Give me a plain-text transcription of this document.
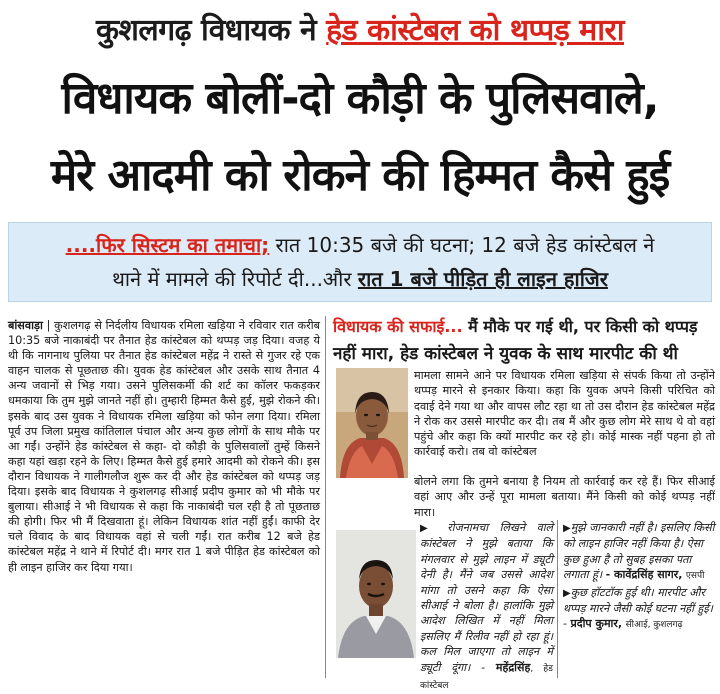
कुशलगढ़ विधायक ने हेड कांस्टेबल को थप्पड़ मारा
विधायक बोलीं-दो कौड़ी के पुलिसवाले,
मेरे आदमी को रोकने की हिम्मत कैसे हुई
....फिर सिस्टम का तमाचा; रात 10:35 बजे की घटना; 12 बजे हेड कांस्टेबल ने
थाने में मामले की रिपोर्ट दी...और रात 1 बजे पीड़ित ही लाइन हाजिर
बांसवाड़ा | कुशलगढ़ से निर्दलीय विधायक रमिला खड़िया ने रविवार रात करीब 10:35 बजे नाकाबंदी पर तैनात हेड कांस्टेबल को थप्पड़ जड़ दिया। वजह ये थी कि नागनाथ पुलिया पर तैनात हेड कांस्टेबल महेंद्र ने रास्ते से गुजर रहे एक वाहन चालक से पूछताछ की। युवक हेड कांस्टेबल और उसके साथ तैनात 4 अन्य जवानों से भिड़ गया। उसने पुलिसकर्मी की शर्ट का कॉलर फकड़कर धमकाया कि तुम मुझे जानते नहीं हो। तुम्हारी हिम्मत कैसे हुई, मुझे रोकने की। इसके बाद उस युवक ने विधायक रमिला खड़िया को फोन लगा दिया। रमिला पूर्व उप जिला प्रमुख कांतिलाल पंचाल और अन्य कुछ लोगों के साथ मौके पर आ गईं। उन्होंने हेड कांस्टेबल से कहा- दो कौड़ी के पुलिसवालों तुम्हें किसने कहा यहां खड़ा रहने के लिए। हिम्मत कैसे हुई हमारे आदमी को रोकने की। इस दौरान विधायक ने गालीगलौज शुरू कर दी और हेड कांस्टेबल को थप्पड़ जड़ दिया। इसके बाद विधायक ने कुशलगढ़ सीआई प्रदीप कुमार को भी मौके पर बुलाया। सीआई ने भी विधायक से कहा कि नाकाबंदी चल रही है तो पूछताछ की होगी। फिर भी मैं दिखवाता हूं। लेकिन विधायक शांत नहीं हुईं। काफी देर चले विवाद के बाद विधायक वहां से चली गईं। रात करीब 12 बजे हेड कांस्टेबल महेंद्र ने थाने में रिपोर्ट दी। मगर रात 1 बजे पीड़ित हेड कांस्टेबल को ही लाइन हाजिर कर दिया गया।
विधायक की सफाई... मैं मौके पर गई थी, पर किसी को थप्पड़
नहीं मारा, हेड कांस्टेबल ने युवक के साथ मारपीट की थी
मामला सामने आने पर विधायक रमिला खड़िया से संपर्क किया तो उन्होंने थप्पड़ मारने से इनकार किया। कहा कि युवक अपने किसी परिचित को दवाई देने गया था और वापस लौट रहा था तो उस दौरान हेड कांस्टेबल महेंद्र ने रोक कर उससे मारपीट कर दी। तब मैं और कुछ लोग मेरे साथ थे वो वहां पहुंचे और कहा कि क्यों मारपीट कर रहे हो। कोई मास्क नहीं पहना हो तो कार्रवाई करो। तब वो कांस्टेबल
बोलने लगा कि तुमने बनाया है नियम तो कार्रवाई कर रहे हैं। फिर सीआई वहां आए और उन्हें पूरा मामला बताया। मैंने किसी को कोई थप्पड़ नहीं मारा।
▶ रोजनामचा लिखने वाले कांस्टेबल ने मुझे बताया कि मंगलवार से मुझे लाइन में ड्यूटी देनी है। मैंने जब उससे आदेश मांगा तो उसने कहा कि ऐसा सीआई ने बोला है। हालांकि मुझे आदेश लिखित में नहीं मिला इसलिए मैं रिलीव नहीं हो रहा हूं। कल मिल जाएगा तो लाइन में ड्यूटी दूंगा। - महेंद्रसिंह, हेड कांस्टेबल
▶मुझे जानकारी नहीं है। इसलिए किसी को लाइन हाजिर नहीं किया है। ऐसा कुछ हुआ है तो सुबह इसका पता लगाता हूं। - कावेंद्रसिंह सागर, एसपी
▶कुछ हॉटटॉक हुई थी। मारपीट और थप्पड़ मारने जैसी कोई घटना नहीं हुई। - प्रदीप कुमार, सीआई, कुशलगढ़
